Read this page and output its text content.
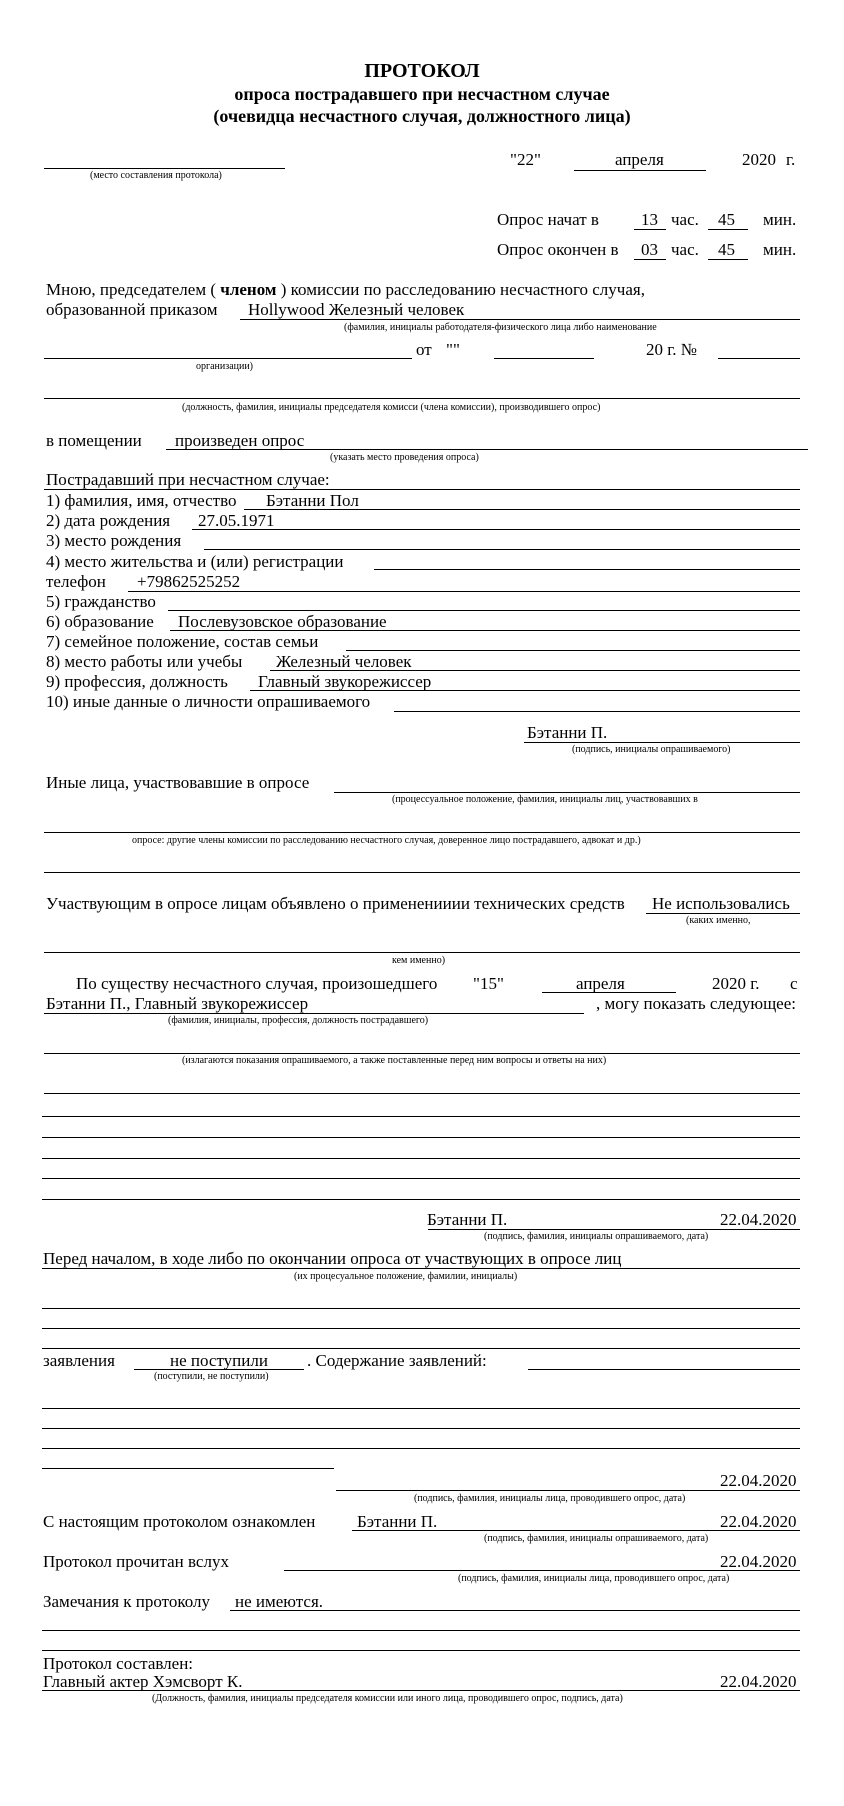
ПРОТОКОЛ
опроса пострадавшего при несчастном случае
(очевидца несчастного случая, должностного лица)
(место составления протокола)
"22"	апреля	2020 г.
Опрос начат в 13 час. 45 мин.
Опрос окончен в 03 час. 45 мин.
Мною, председателем ( членом ) комиссии по расследованию несчастного случая,
образованной приказом Hollywood Железный человек
(фамилия, инициалы работодателя-физического лица либо наименование
от ""	20 г. №
организации)
(должность, фамилия, инициалы председателя комисси (члена комиссии), производившего опрос)
в помещении произведен опрос
(указать место проведения опроса)
Пострадавший при несчастном случае:
1) фамилия, имя, отчество Бэтанни Пол
2) дата рождения 27.05.1971
3) место рождения
4) место жительства и (или) регистрации
телефон +79862525252
5) гражданство
6) образование Послевузовское образование
7) семейное положение, состав семьи
8) место работы или учебы Железный человек
9) профессия, должность Главный звукорежиссер
10) иные данные о личности опрашиваемого
Бэтанни П.
(подпись, инициалы опрашиваемого)
Иные лица, участвовавшие в опросе
(процессуальное положение, фамилия, инициалы лиц, участвовавших в
опросе: другие члены комиссии по расследованию несчастного случая, доверенное лицо пострадавшего, адвокат и др.)
Участвующим в опросе лицам объявлено о примененииии технических средств Не использовались
(каких именно,
кем именно)
По существу несчастного случая, произошедшего "15"	апреля	2020 г. с
Бэтанни П., Главный звукорежиссер	, могу показать следующее:
(фамилия, инициалы, профессия, должность пострадавшего)
(излагаются показания опрашиваемого, а также поставленные перед ним вопросы и ответы на них)
Бэтанни П.	22.04.2020
(подпись, фамилия, инициалы опрашиваемого, дата)
Перед началом, в ходе либо по окончании опроса от участвующих в опросе лиц
(их процесуальное положение, фамилии, инициалы)
заявления	не поступили . Содержание заявлений:
(поступили, не поступили)
22.04.2020
(подпись, фамилия, инициалы лица, проводившего опрос, дата)
С настоящим протоколом ознакомлен Бэтанни П.	22.04.2020
(подпись, фамилия, инициалы опрашиваемого, дата)
Протокол прочитан вслух	22.04.2020
(подпись, фамилия, инициалы лица, проводившего опрос, дата)
Замечания к протоколу не имеются.
Протокол составлен:
Главный актер Хэмсворт К.	22.04.2020
(Должность, фамилия, инициалы председателя комиссии или иного лица, проводившего опрос, подпись, дата)
